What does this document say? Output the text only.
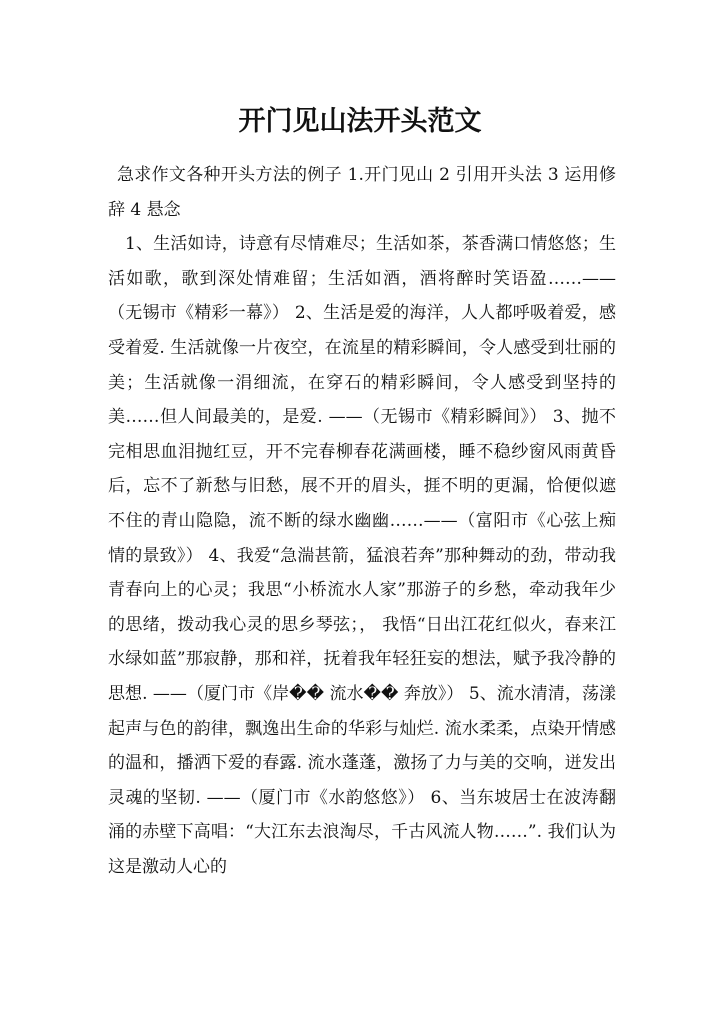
开门见山法开头范文

急求作文各种开头方法的例子 1.开门见山 2 引用开头法 3 运用修辞 4 悬念

1、生活如诗，诗意有尽情难尽；生活如茶，茶香满口情悠悠；生活如歌，歌到深处情难留；生活如酒，酒将醉时笑语盈……——（无锡市《精彩一幕》） 2、生活是爱的海洋，人人都呼吸着爱，感受着爱. 生活就像一片夜空，在流星的精彩瞬间，令人感受到壮丽的美；生活就像一涓细流，在穿石的精彩瞬间，令人感受到坚持的美……但人间最美的，是爱. ——（无锡市《精彩瞬间》） 3、抛不完相思血泪抛红豆，开不完春柳春花满画楼，睡不稳纱窗风雨黄昏后，忘不了新愁与旧愁，展不开的眉头，捱不明的更漏，恰便似遮不住的青山隐隐，流不断的绿水幽幽……——（富阳市《心弦上痴情的景致》） 4、我爱“急湍甚箭，猛浪若奔”那种舞动的劲，带动我青春向上的心灵；我思“小桥流水人家”那游子的乡愁，牵动我年少的思绪，拨动我心灵的思乡琴弦；， 我悟“日出江花红似火，春来江水绿如蓝”那寂静，那和祥，抚着我年轻狂妄的想法，赋予我冷静的思想. ——（厦门市《岸�� 流水�� 奔放》） 5、流水清清，荡漾起声与色的韵律，飘逸出生命的华彩与灿烂. 流水柔柔，点染开情感的温和，播洒下爱的春露. 流水蓬蓬，激扬了力与美的交响，迸发出灵魂的坚韧. ——（厦门市《水韵悠悠》） 6、当东坡居士在波涛翻涌的赤壁下高唱：“大江东去浪淘尽，千古风流人物……”. 我们认为这是激动人心的
